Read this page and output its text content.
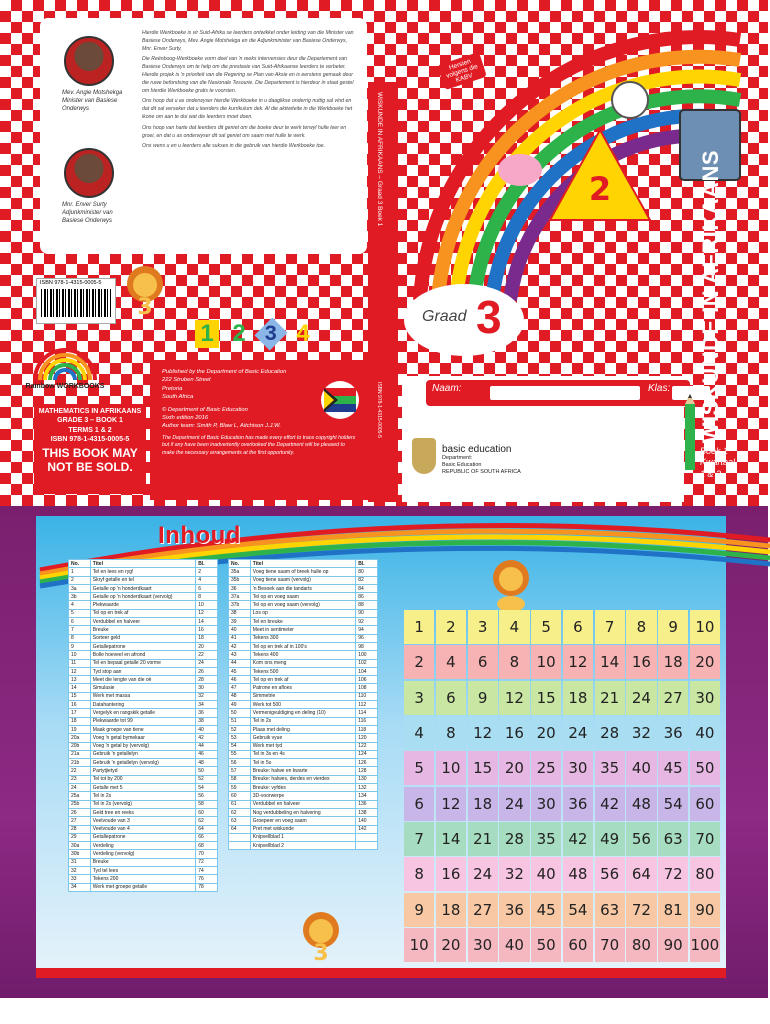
Mev. Angie Motshekga Minister van Basiese Onderwys
Mnr. Enver Surty Adjunkminister van Basiese Onderwys

Hierdie Werkboeke is vir Suid-Afrika se leerders ontwikkel onder leiding van die Minister van Basiese Onderwys, Mev. Angie Motshekga en die Adjunkminister van Basiese Onderwys, Mnr. Enver Surty.

Die Reënboog-Werkboeke vorm deel van 'n reeks intervensies deur die Departement van Basiese Onderwys om te help om die prestasie van Suid-Afrikaanse leerders te verbeter. Hierdie projek is 'n prioriteit van die Regering se Plan van Aksie en is eerstens gemaak deur die ruwe befondsing van die Nasionale Tesourie. Die Departement is hierdeur in staat gestel om hierdie Werkboeke gratis te voorsien.

Ons hoop dat u as onderwyser hierdie Werkboeke in u daaglikse onderrig nuttig sal vind en dat dit sal verseker dat u leerders die kurrikulum dek. Al die aktiwiteite in die Werkboeke het ikone om aan te dui wat die leerders moet doen.

Ons hoop van harte dat leerders dit geniet om die boeke deur te werk terwyl hulle leer en groei, en dat u as onderwyser dit sal geniet om saam met hulle te werk.

Ons wens u en u leerders alle sukses in die gebruik van hierdie Werkboeke toe.

ISBN 978-1-4315-0005-5
3
Rainbow WORKBOOKS
MATHEMATICS IN AFRIKAANS
GRADE 3 – BOOK 1
TERMS 1 & 2
ISBN 978-1-4315-0005-5
THIS BOOK MAY NOT BE SOLD.
1 2 3 4
Published by the Department of Basic Education
222 Struben Street
Pretoria
South Africa
© Department of Basic Education
Sixth edition 2016
Author team: Smith P, Blaw L, Aitchison J.J.W.
The Department of Basic Education has made every effort to trace copyright holders but if any have been inadvertently overlooked the Department will be pleased to make the necessary arrangements at the first opportunity.
WISKUNDE IN AFRIKAANS – Graad 3 Boek 1
ISBN 978-1-4315-0005-5
2
Hersien volgens die KABV
Graad 3
Naam:	Klas:
basic education
Department:
Basic Education
REPUBLIC OF SOUTH AFRICA
WISKUNDE IN AFRIKAANS
Boek 1
Kwartaal
1 & 2
Inhoud
No.	Titel	Bl.
1	Tel en lees en ryg!	2
2	Skryf getalle en tel	4
3a	Getalle op 'n honderdkaart	6
3b	Getalle op 'n honderdkaart (vervolg)	8
4	Plekwaarde	10
5	Tel op en trek af	12
6	Verdubbel en halveer	14
7	Breuke	16
8	Sorteer geld	18
9	Getallepatrone	20
10	Bolle hoeveel en afrond	22
11	Tel en bepaal getalle 20 vorme	24
12	Tyd stop aan	26
13	Meet die lengte van die oë	28
14	Simulasie	30
15	Werk met massa	32
16	Datahantering	34
17	Vergelyk en rangskik getalle	36
18	Plekwaarde tot 99	38
19	Maak groepe van tiene	40
20a	Voeg 'n getal bymekaar	42
20b	Voeg 'n getal by (vervolg)	44
21a	Gebruik 'n getallelyn	46
21b	Gebruik 'n getallelyn (vervolg)	48
22	Partytjietyd	50
23	Tel tot by 200	52
24	Getalle met 5	54
25a	Tel in 2s	56
25b	Tel in 2s (vervolg)	58
26	Geld tree en reeks	60
27	Veelvoude van 3	62
28	Veelvoude van 4	64
29	Getallepatrone	66
30a	Verdeling	68
30b	Verdeling (vervolg)	70
31	Breuke	72
32	Tyd tel lees	74
33	Tekens 200	76
34	Werk met groepe getalle	78
No.	Titel	Bl.
35a	Voeg tiene saam of breek hulle op	80
35b	Voeg tiene saam (vervolg)	82
36	'n Besoek aan die tandarts	84
37a	Tel op en voeg saam	86
37b	Tel op en voeg saam (vervolg)	88
38	Los op	90
39	Tel en breuke	92
40	Meet in sentimeter	94
41	Tekens 300	96
42	Tel op en trek af in 100's	98
43	Tekens 400	100
44	Kom ons meng	102
45	Tekens 500	104
46	Tel op en trek af	106
47	Patrone en afloes	108
48	Simmetrie	110
49	Werk tot 500	112
50	Vermenigvuldiging en deling (10)	114
51	Tel in 2s	116
52	Plaas met deling	118
53	Gebruik vyue	120
54	Werk met tyd	122
55	Tel in 3s en 4s	124
56	Tel in 5s	126
57	Breuke: halwe en kwarte	128
58	Breuke: halwes, derdes en vierdes	130
59	Breuke: vyfdes	132
60	3D-voorwerpe	134
61	Verdubbel en halveer	136
62	Nog verdubbeling en halvering	138
63	Groepeer en voeg saam	140
64	Pret met wiskunde	142
	Knipvellblad 1	
	Knipvellblad 2	
3
1	2	3	4	5	6	7	8	9	10
2	4	6	8	10 12 14 16 18 20
3	6	9	12 15 18 21 24 27 30
4	8	12 16 20 24 28 32 36 40
5	10 15 20 25 30 35 40 45 50
6	12 18 24 30 36 42 48 54 60
7	14 21 28 35 42 49 56 63 70
8	16 24 32 40 48 56 64 72 80
9	18 27 36 45 54 63 72 81 90
10 20 30 40 50 60 70 80 90 100
